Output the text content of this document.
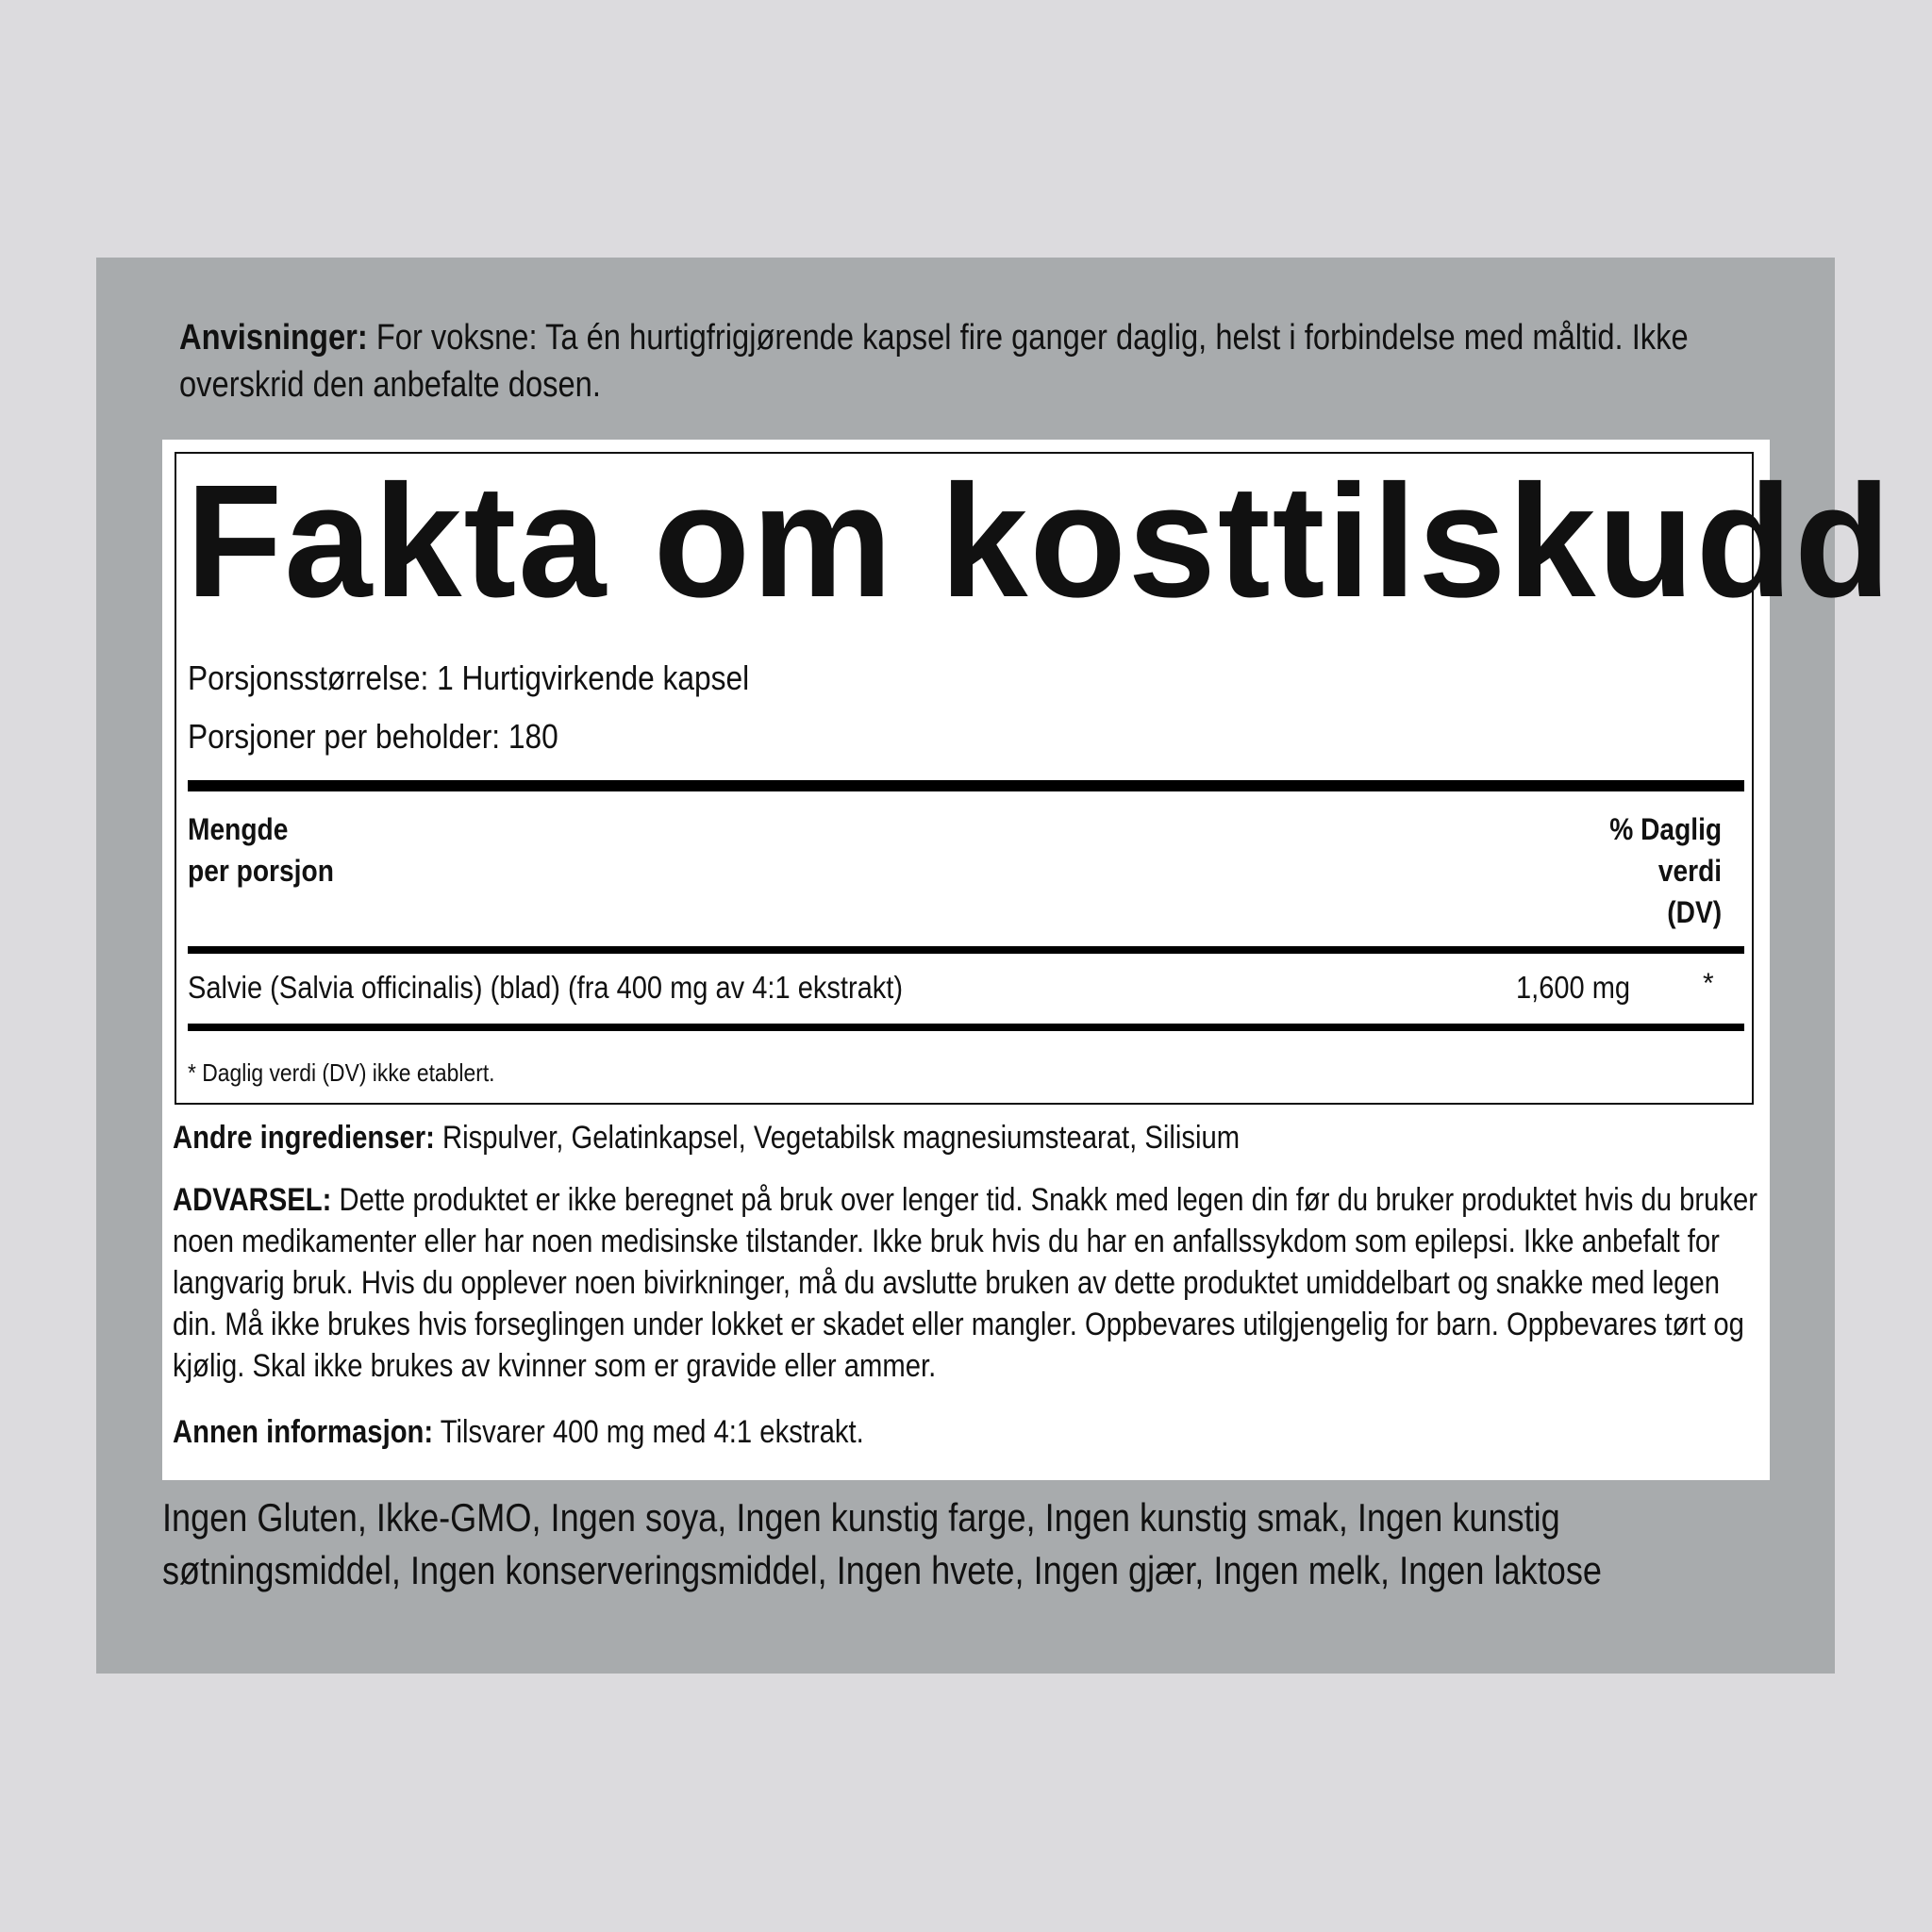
Anvisninger: For voksne: Ta én hurtigfrigjørende kapsel fire ganger daglig, helst i forbindelse med måltid. Ikke overskrid den anbefalte dosen.
Fakta om kosttilskudd
Porsjonsstørrelse: 1 Hurtigvirkende kapsel
Porsjoner per beholder: 180
Mengde
per porsjon
% Daglig
verdi
(DV)
Salvie (Salvia officinalis) (blad) (fra 400 mg av 4:1 ekstrakt)	1,600 mg	*
* Daglig verdi (DV) ikke etablert.
Andre ingredienser: Rispulver, Gelatinkapsel, Vegetabilsk magnesiumstearat, Silisium
ADVARSEL: Dette produktet er ikke beregnet på bruk over lenger tid. Snakk med legen din før du bruker produktet hvis du bruker noen medikamenter eller har noen medisinske tilstander. Ikke bruk hvis du har en anfallssykdom som epilepsi. Ikke anbefalt for langvarig bruk. Hvis du opplever noen bivirkninger, må du avslutte bruken av dette produktet umiddelbart og snakke med legen din. Må ikke brukes hvis forseglingen under lokket er skadet eller mangler. Oppbevares utilgjengelig for barn. Oppbevares tørt og kjølig. Skal ikke brukes av kvinner som er gravide eller ammer.
Annen informasjon: Tilsvarer 400 mg med 4:1 ekstrakt.
Ingen Gluten, Ikke-GMO, Ingen soya, Ingen kunstig farge, Ingen kunstig smak, Ingen kunstig søtningsmiddel, Ingen konserveringsmiddel, Ingen hvete, Ingen gjær, Ingen melk, Ingen laktose
